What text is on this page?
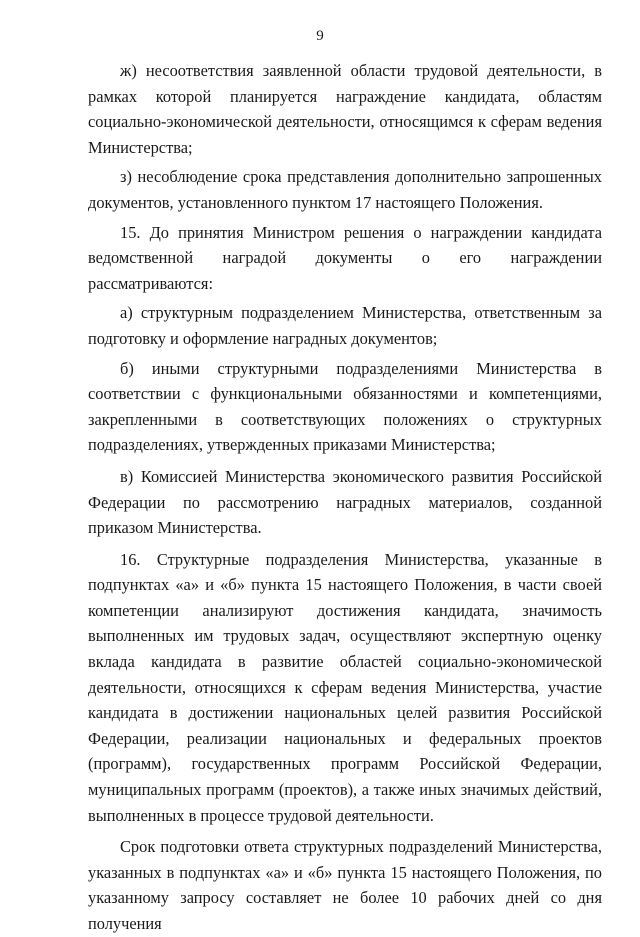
9

ж) несоответствия заявленной области трудовой деятельности, в рамках которой планируется награждение кандидата, областям социально-экономической деятельности, относящимся к сферам ведения Министерства;

з) несоблюдение срока представления дополнительно запрошенных документов, установленного пунктом 17 настоящего Положения.

15. До принятия Министром решения о награждении кандидата ведомственной наградой документы о его награждении рассматриваются:

а) структурным подразделением Министерства, ответственным за подготовку и оформление наградных документов;

б) иными структурными подразделениями Министерства в соответствии с функциональными обязанностями и компетенциями, закрепленными в соответствующих положениях о структурных подразделениях, утвержденных приказами Министерства;

в) Комиссией Министерства экономического развития Российской Федерации по рассмотрению наградных материалов, созданной приказом Министерства.

16. Структурные подразделения Министерства, указанные в подпунктах «а» и «б» пункта 15 настоящего Положения, в части своей компетенции анализируют достижения кандидата, значимость выполненных им трудовых задач, осуществляют экспертную оценку вклада кандидата в развитие областей социально-экономической деятельности, относящихся к сферам ведения Министерства, участие кандидата в достижении национальных целей развития Российской Федерации, реализации национальных и федеральных проектов (программ), государственных программ Российской Федерации, муниципальных программ (проектов), а также иных значимых действий, выполненных в процессе трудовой деятельности.

Срок подготовки ответа структурных подразделений Министерства, указанных в подпунктах «а» и «б» пункта 15 настоящего Положения, по указанному запросу составляет не более 10 рабочих дней со дня получения
